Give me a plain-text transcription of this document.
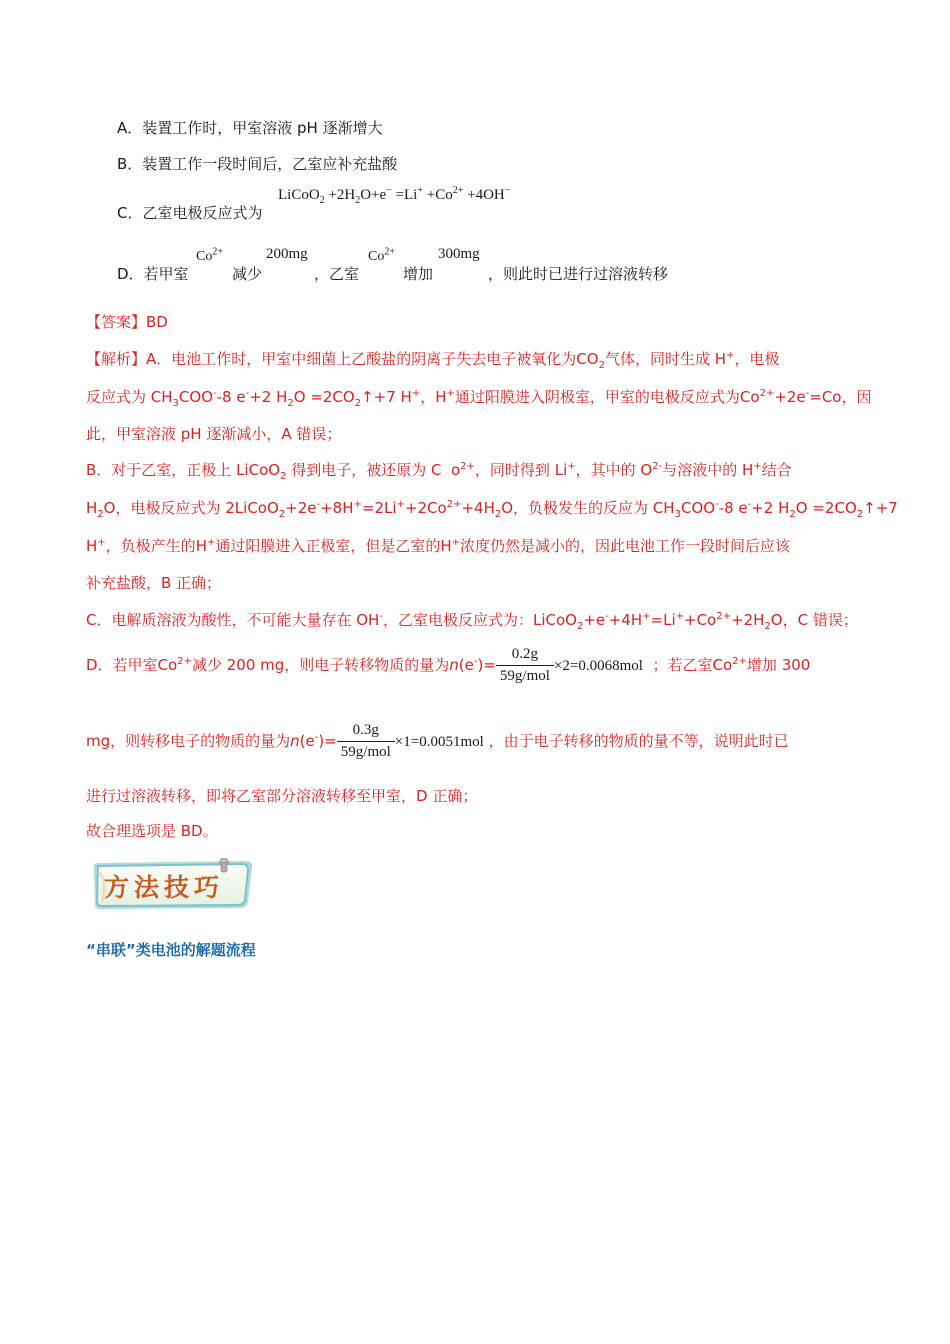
A．装置工作时，甲室溶液 pH 逐渐增大
B．装置工作一段时间后，乙室应补充盐酸
C．乙室电极反应式为
LiCoO$_2$ $+2H_2O+e^- =Li^+ +Co^{2+} +4OH^-$
D．若甲室
$Co^{2+}$
减少
200mg
，乙室
$Co^{2+}$
增加
300mg
，则此时已进行过溶液转移
【答案】BD
【解析】A．电池工作时，甲室中细菌上乙酸盐的阴离子失去电子被氧化为$CO_2$气体，同时生成 H+，电极
反应式为 $CH_3COO^--8$ e-+2 $H_2O$ $=2CO_2↑+7$ H+，H+通过阳膜进入阴极室，甲室的电极反应式为$Co^{2+}+2e^-=Co$，因
此，甲室溶液 pH 逐渐减小，A 错误；
B．对于乙室，正极上 LiCoO$_2$ 得到电子，被还原为 C  $o^{2+}$，同时得到 Li+，其中的 $O^{2-}$与溶液中的 H+结合
$H_2O$，电极反应式为 $2LiCoO_2+2e^-+8H^+=2Li^++2Co^{2+}+4H_2O$，负极发生的反应为 $CH_3COO^--8$ e-+2 $H_2O$ $=2CO_2↑+7$
H+，负极产生的H+通过阳膜进入正极室，但是乙室的H+浓度仍然是减小的，因此电池工作一段时间后应该
补充盐酸，B 正确；
C．电解质溶液为酸性，不可能大量存在 OH-，乙室电极反应式为：$LiCoO_2+e^-+4H^+=Li^++Co^{2+}+2H_2O$，C 错误；
D．若甲室$Co^{2+}$减少 200 mg，则电子转移物质的量为$n(e^-)= \frac{0.2g}{\text{59g/mol}} \times 2=0.0068mol$ ；若乙室$Co^{2+}$增加 300
mg，则转移电子的物质的量为$n(e^-)= \frac{0.3g}{\text{59g/mol}} \times 1=0.0051mol$ ，由于电子转移的物质的量不等，说明此时已
进行过溶液转移，即将乙室部分溶液转移至甲室，D 正确；
故合理选项是 BD。
方法技巧
“串联”类电池的解题流程
